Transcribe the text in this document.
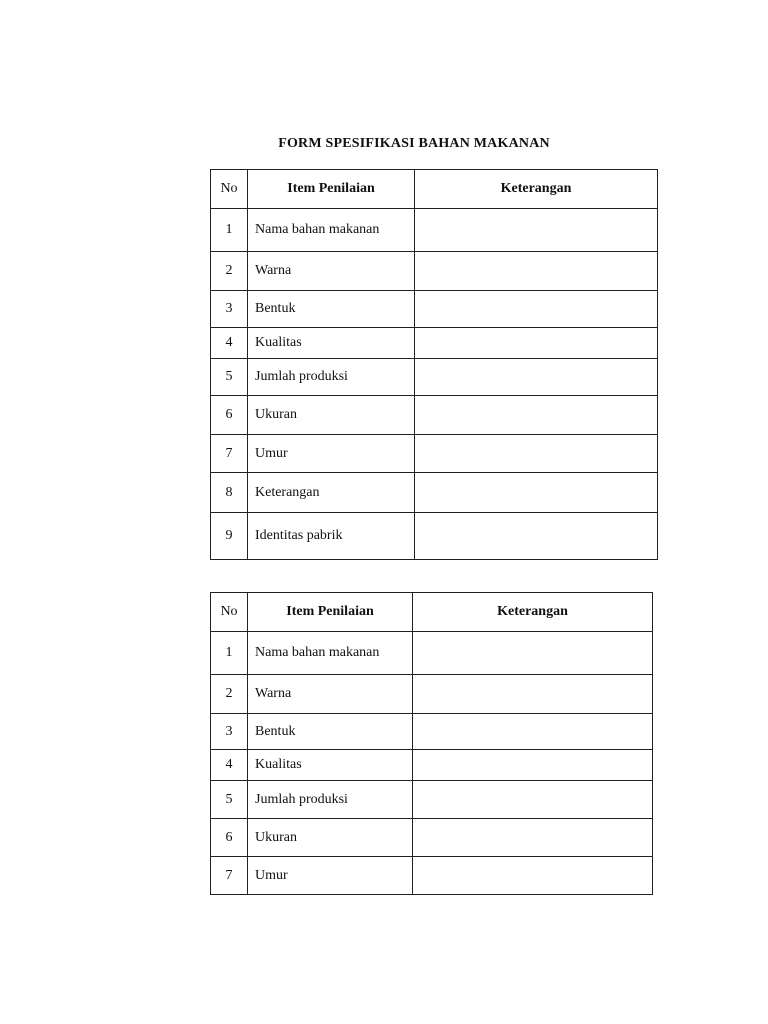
FORM SPESIFIKASI BAHAN MAKANAN
No	Item Penilaian	Keterangan
1	Nama bahan makanan	
2	Warna	
3	Bentuk	
4	Kualitas	
5	Jumlah produksi	
6	Ukuran	
7	Umur	
8	Keterangan	
9	Identitas pabrik	
No	Item Penilaian	Keterangan
1	Nama bahan makanan	
2	Warna	
3	Bentuk	
4	Kualitas	
5	Jumlah produksi	
6	Ukuran	
7	Umur	
